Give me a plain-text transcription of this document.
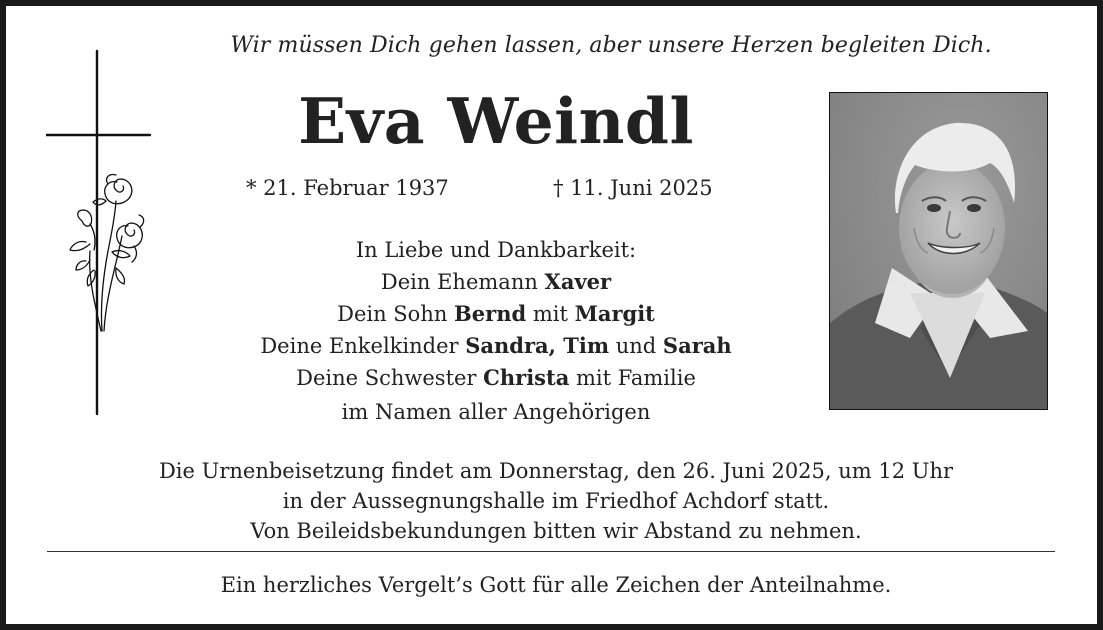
Wir müssen Dich gehen lassen, aber unsere Herzen begleiten Dich.
Eva Weindl
* 21. Februar 1937	† 11. Juni 2025
In Liebe und Dankbarkeit:
Dein Ehemann Xaver
Dein Sohn Bernd mit Margit
Deine Enkelkinder Sandra, Tim und Sarah
Deine Schwester Christa mit Familie
im Namen aller Angehörigen
Die Urnenbeisetzung findet am Donnerstag, den 26. Juni 2025, um 12 Uhr
in der Aussegnungshalle im Friedhof Achdorf statt.
Von Beileidsbekundungen bitten wir Abstand zu nehmen.
Ein herzliches Vergelt’s Gott für alle Zeichen der Anteilnahme.
